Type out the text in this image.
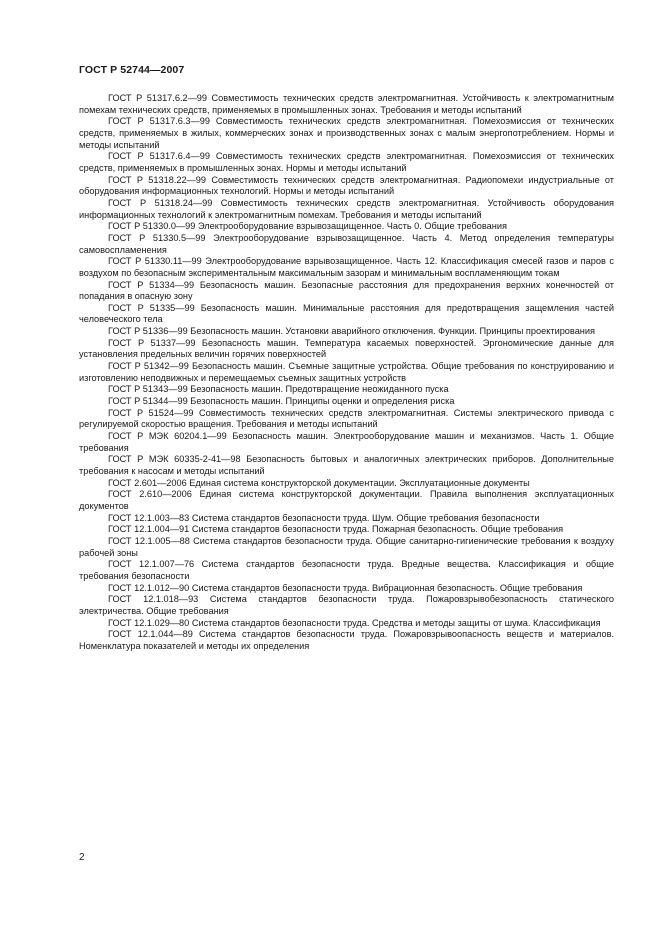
ГОСТ Р 52744—2007

ГОСТ Р 51317.6.2—99 Совместимость технических средств электромагнитная. Устойчивость к электромагнитным помехам технических средств, применяемых в промышленных зонах. Требования и методы испытаний

ГОСТ Р 51317.6.3—99 Совместимость технических средств электромагнитная. Помехоэмиссия от технических средств, применяемых в жилых, коммерческих зонах и производственных зонах с малым энергопотреблением. Нормы и методы испытаний

ГОСТ Р 51317.6.4—99 Совместимость технических средств электромагнитная. Помехоэмиссия от технических средств, применяемых в промышленных зонах. Нормы и методы испытаний

ГОСТ Р 51318.22—99 Совместимость технических средств электромагнитная. Радиопомехи индустриальные от оборудования информационных технологий. Нормы и методы испытаний

ГОСТ Р 51318.24—99 Совместимость технических средств электромагнитная. Устойчивость оборудования информационных технологий к электромагнитным помехам. Требования и методы испытаний

ГОСТ Р 51330.0—99 Электрооборудование взрывозащищенное. Часть 0. Общие требования

ГОСТ Р 51330.5—99 Электрооборудование взрывозащищенное. Часть 4. Метод определения температуры самовоспламенения

ГОСТ Р 51330.11—99 Электрооборудование взрывозащищенное. Часть 12. Классификация смесей газов и паров с воздухом по безопасным экспериментальным максимальным зазорам и минимальным воспламеняющим токам

ГОСТ Р 51334—99 Безопасность машин. Безопасные расстояния для предохранения верхних конечностей от попадания в опасную зону

ГОСТ Р 51335—99 Безопасность машин. Минимальные расстояния для предотвращения защемления частей человеческого тела

ГОСТ Р 51336—99 Безопасность машин. Установки аварийного отключения. Функции. Принципы проектирования

ГОСТ Р 51337—99 Безопасность машин. Температура касаемых поверхностей. Эргономические данные для установления предельных величин горячих поверхностей

ГОСТ Р 51342—99 Безопасность машин. Съемные защитные устройства. Общие требования по конструированию и изготовлению неподвижных и перемещаемых съемных защитных устройств

ГОСТ Р 51343—99 Безопасность машин. Предотвращение неожиданного пуска

ГОСТ Р 51344—99 Безопасность машин. Принципы оценки и определения риска

ГОСТ Р 51524—99 Совместимость технических средств электромагнитная. Системы электрического привода с регулируемой скоростью вращения. Требования и методы испытаний

ГОСТ Р МЭК 60204.1—99 Безопасность машин. Электрооборудование машин и механизмов. Часть 1. Общие требования

ГОСТ Р МЭК 60335-2-41—98 Безопасность бытовых и аналогичных электрических приборов. Дополнительные требования к насосам и методы испытаний

ГОСТ 2.601—2006 Единая система конструкторской документации. Эксплуатационные документы

ГОСТ 2.610—2006 Единая система конструкторской документации. Правила выполнения эксплуатационных документов

ГОСТ 12.1.003—83 Система стандартов безопасности труда. Шум. Общие требования безопасности

ГОСТ 12.1.004—91 Система стандартов безопасности труда. Пожарная безопасность. Общие требования

ГОСТ 12.1.005—88 Система стандартов безопасности труда. Общие санитарно-гигиенические требования к воздуху рабочей зоны

ГОСТ 12.1.007—76 Система стандартов безопасности труда. Вредные вещества. Классификация и общие требования безопасности

ГОСТ 12.1.012—90 Система стандартов безопасности труда. Вибрационная безопасность. Общие требования

ГОСТ 12.1.018—93 Система стандартов безопасности труда. Пожаровзрывобезопасность статического электричества. Общие требования

ГОСТ 12.1.029—80 Система стандартов безопасности труда. Средства и методы защиты от шума. Классификация

ГОСТ 12.1.044—89 Система стандартов безопасности труда. Пожаровзрывоопасность веществ и материалов. Номенклатура показателей и методы их определения

2
